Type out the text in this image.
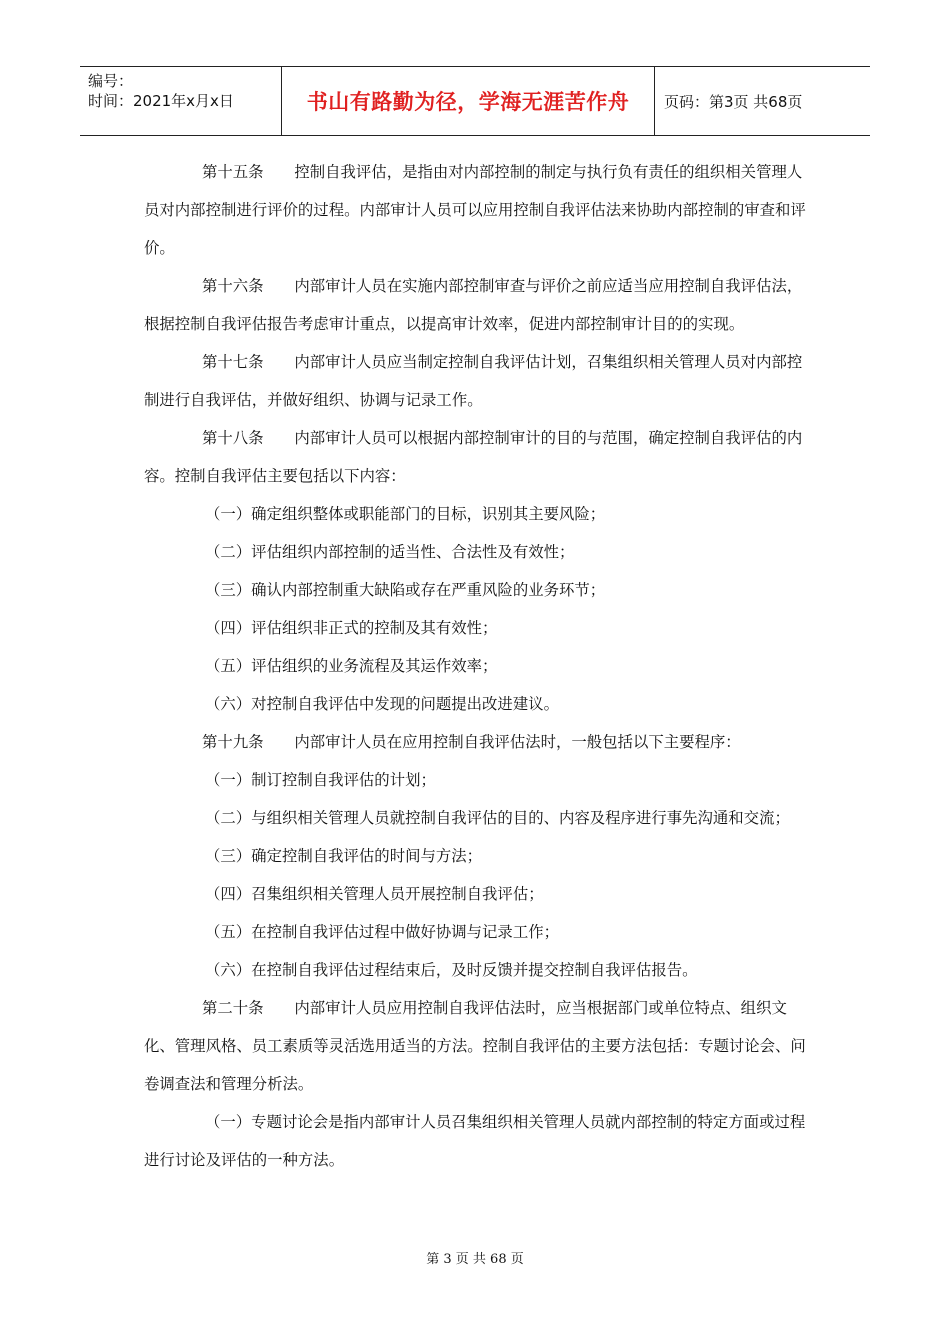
编号：
时间：2021年x月x日	书山有路勤为径，学海无涯苦作舟	页码：第3页 共68页

第十五条　　控制自我评估，是指由对内部控制的制定与执行负有责任的组织相关管理人员对内部控制进行评价的过程。内部审计人员可以应用控制自我评估法来协助内部控制的审查和评价。

第十六条　　内部审计人员在实施内部控制审查与评价之前应适当应用控制自我评估法，根据控制自我评估报告考虑审计重点，以提高审计效率，促进内部控制审计目的的实现。

第十七条　　内部审计人员应当制定控制自我评估计划，召集组织相关管理人员对内部控制进行自我评估，并做好组织、协调与记录工作。

第十八条　　内部审计人员可以根据内部控制审计的目的与范围，确定控制自我评估的内容。控制自我评估主要包括以下内容：

（一）确定组织整体或职能部门的目标，识别其主要风险；

（二）评估组织内部控制的适当性、合法性及有效性；

（三）确认内部控制重大缺陷或存在严重风险的业务环节；

（四）评估组织非正式的控制及其有效性；

（五）评估组织的业务流程及其运作效率；

（六）对控制自我评估中发现的问题提出改进建议。

第十九条　　内部审计人员在应用控制自我评估法时，一般包括以下主要程序：

（一）制订控制自我评估的计划；

（二）与组织相关管理人员就控制自我评估的目的、内容及程序进行事先沟通和交流；

（三）确定控制自我评估的时间与方法；

（四）召集组织相关管理人员开展控制自我评估；

（五）在控制自我评估过程中做好协调与记录工作；

（六）在控制自我评估过程结束后，及时反馈并提交控制自我评估报告。

第二十条　　内部审计人员应用控制自我评估法时，应当根据部门或单位特点、组织文化、管理风格、员工素质等灵活选用适当的方法。控制自我评估的主要方法包括：专题讨论会、问卷调查法和管理分析法。

（一）专题讨论会是指内部审计人员召集组织相关管理人员就内部控制的特定方面或过程进行讨论及评估的一种方法。

第 3 页 共 68 页
